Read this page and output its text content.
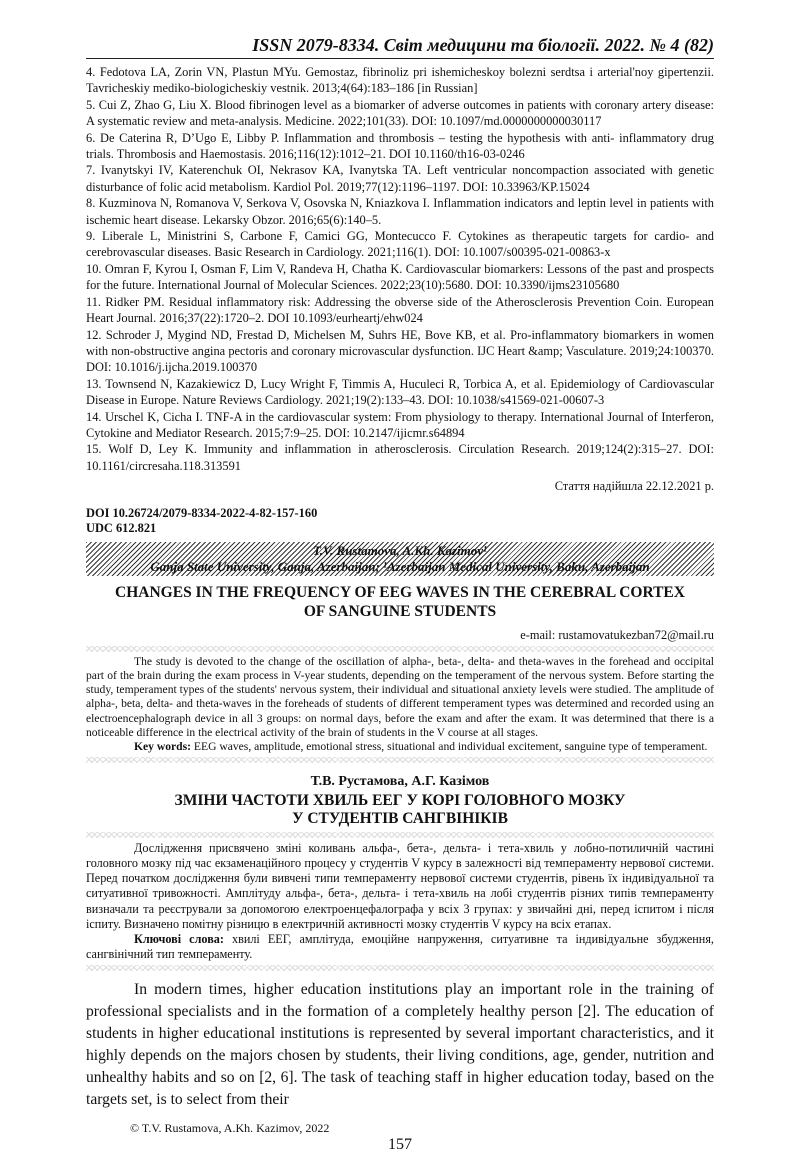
ISSN 2079-8334. Світ медицини та біології. 2022. № 4 (82)
4. Fedotova LA, Zorin VN, Plastun MYu. Gemostaz, fibrinoliz pri ishemicheskoy bolezni serdtsa i arterial'noy gipertenzii. Tavricheskiy mediko-biologicheskiy vestnik. 2013;4(64):183–186 [in Russian]
5. Cui Z, Zhao G, Liu X. Blood fibrinogen level as a biomarker of adverse outcomes in patients with coronary artery disease: A systematic review and meta-analysis. Medicine. 2022;101(33). DOI: 10.1097/md.0000000000030117
6. De Caterina R, D’Ugo E, Libby P. Inflammation and thrombosis – testing the hypothesis with anti- inflammatory drug trials. Thrombosis and Haemostasis. 2016;116(12):1012–21. DOI 10.1160/th16-03-0246
7. Ivanytskyi IV, Katerenchuk OI, Nekrasov KA, Ivanytska TA. Left ventricular noncompaction associated with genetic disturbance of folic acid metabolism. Kardiol Pol. 2019;77(12):1196–1197. DOI: 10.33963/KP.15024
8. Kuzminova N, Romanova V, Serkova V, Osovska N, Kniazkova I. Inflammation indicators and leptin level in patients with ischemic heart disease. Lekarsky Obzor. 2016;65(6):140–5.
9. Liberale L, Ministrini S, Carbone F, Camici GG, Montecucco F. Cytokines as therapeutic targets for cardio- and cerebrovascular diseases. Basic Research in Cardiology. 2021;116(1). DOI: 10.1007/s00395-021-00863-x
10. Omran F, Kyrou I, Osman F, Lim V, Randeva H, Chatha K. Cardiovascular biomarkers: Lessons of the past and prospects for the future. International Journal of Molecular Sciences. 2022;23(10):5680. DOI: 10.3390/ijms23105680
11. Ridker PM. Residual inflammatory risk: Addressing the obverse side of the Atherosclerosis Prevention Coin. European Heart Journal. 2016;37(22):1720–2. DOI 10.1093/eurheartj/ehw024
12. Schroder J, Mygind ND, Frestad D, Michelsen M, Suhrs HE, Bove KB, et al. Pro-inflammatory biomarkers in women with non-obstructive angina pectoris and coronary microvascular dysfunction. IJC Heart &amp; Vasculature. 2019;24:100370. DOI: 10.1016/j.ijcha.2019.100370
13. Townsend N, Kazakiewicz D, Lucy Wright F, Timmis A, Huculeci R, Torbica A, et al. Epidemiology of Cardiovascular Disease in Europe. Nature Reviews Cardiology. 2021;19(2):133–43. DOI: 10.1038/s41569-021-00607-3
14. Urschel K, Cicha I. TNF-A in the cardiovascular system: From physiology to therapy. International Journal of Interferon, Cytokine and Mediator Research. 2015;7:9–25. DOI: 10.2147/ijicmr.s64894
15. Wolf D, Ley K. Immunity and inflammation in atherosclerosis. Circulation Research. 2019;124(2):315–27. DOI: 10.1161/circresaha.118.313591
Стаття надійшла 22.12.2021 р.
DOI 10.26724/2079-8334-2022-4-82-157-160
UDC 612.821
T.V. Rustamova, A.Kh. Kazimov¹
Ganja State University, Ganja, Azerbaijan; ¹Azerbaijan Medical University, Baku, Azerbaijan
CHANGES IN THE FREQUENCY OF EEG WAVES IN THE CEREBRAL CORTEX
OF SANGUINE STUDENTS
e-mail: rustamovatukezban72@mail.ru

The study is devoted to the change of the oscillation of alpha-, beta-, delta- and theta-waves in the forehead and occipital part of the brain during the exam process in V-year students, depending on the temperament of the nervous system. Before starting the study, temperament types of the students' nervous system, their individual and situational anxiety levels were studied. The amplitude of alpha-, beta, delta- and theta-waves in the foreheads of students of different temperament types was determined and recorded using an electroencephalograph device in all 3 groups: on normal days, before the exam and after the exam. It was determined that there is a noticeable difference in the electrical activity of the brain of students in the V course at all stages.

Key words: EEG waves, amplitude, emotional stress, situational and individual excitement, sanguine type of temperament.

Т.В. Рустамова, А.Г. Казімов
ЗМІНИ ЧАСТОТИ ХВИЛЬ ЕЕГ У КОРІ ГОЛОВНОГО МОЗКУ
У СТУДЕНТІВ САНГВІНІКІВ

Дослідження присвячено зміні коливань альфа-, бета-, дельта- і тета-хвиль у лобно-потиличній частині головного мозку під час екзаменаційного процесу у студентів V курсу в залежності від темпераменту нервової системи. Перед початком дослідження були вивчені типи темпераменту нервової системи студентів, рівень їх індивідуальної та ситуативної тривожності. Амплітуду альфа-, бета-, дельта- і тета-хвиль на лобі студентів різних типів темпераменту визначали та реєстрували за допомогою електроенцефалографа у всіх 3 групах: у звичайні дні, перед іспитом і після іспиту. Визначено помітну різницю в електричній активності мозку студентів V курсу на всіх етапах.

Ключові слова: хвилі ЕЕГ, амплітуда, емоційне напруження, ситуативне та індивідуальне збудження, сангвінічний тип темпераменту.

In modern times, higher education institutions play an important role in the training of professional specialists and in the formation of a completely healthy person [2]. The education of students in higher educational institutions is represented by several important characteristics, and it highly depends on the majors chosen by students, their living conditions, age, gender, nutrition and unhealthy habits and so on [2, 6]. The task of teaching staff in higher education today, based on the targets set, is to select from their

© T.V. Rustamova, A.Kh. Kazimov, 2022
157
